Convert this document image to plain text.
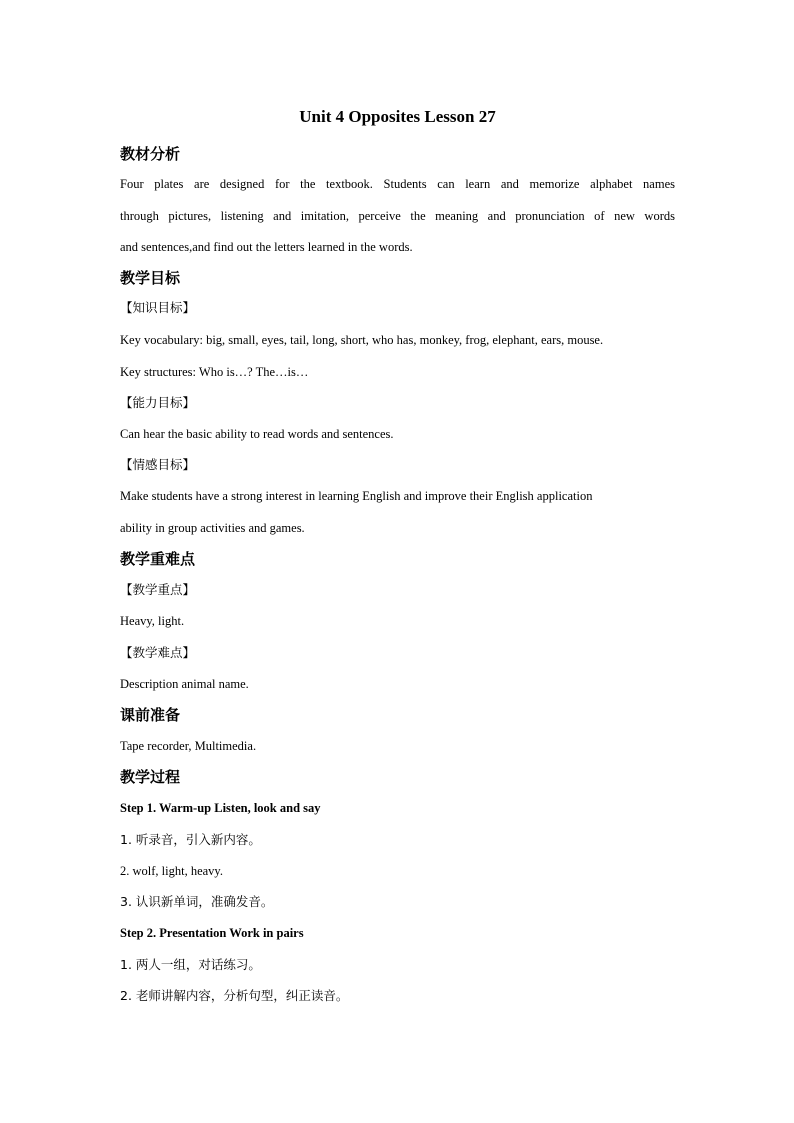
Unit 4 Opposites Lesson 27
教材分析

Four plates are designed for the textbook. Students can learn and memorize alphabet names

through pictures, listening and imitation, perceive the meaning and pronunciation of new words

and sentences,and find out the letters learned in the words.

教学目标

【知识目标】

Key vocabulary: big, small, eyes, tail, long, short, who has, monkey, frog, elephant, ears, mouse.

Key structures: Who is…? The…is…

【能力目标】

Can hear the basic ability to read words and sentences.

【情感目标】

Make students have a strong interest in learning English and improve their English application

ability in group activities and games.

教学重难点

【教学重点】

Heavy, light.

【教学难点】

Description animal name.

课前准备

Tape recorder, Multimedia.

教学过程

Step 1. Warm-up Listen, look and say

1. 听录音，引入新内容。

2. wolf, light, heavy.

3. 认识新单词，准确发音。

Step 2. Presentation Work in pairs

1. 两人一组，对话练习。

2. 老师讲解内容，分析句型，纠正读音。
